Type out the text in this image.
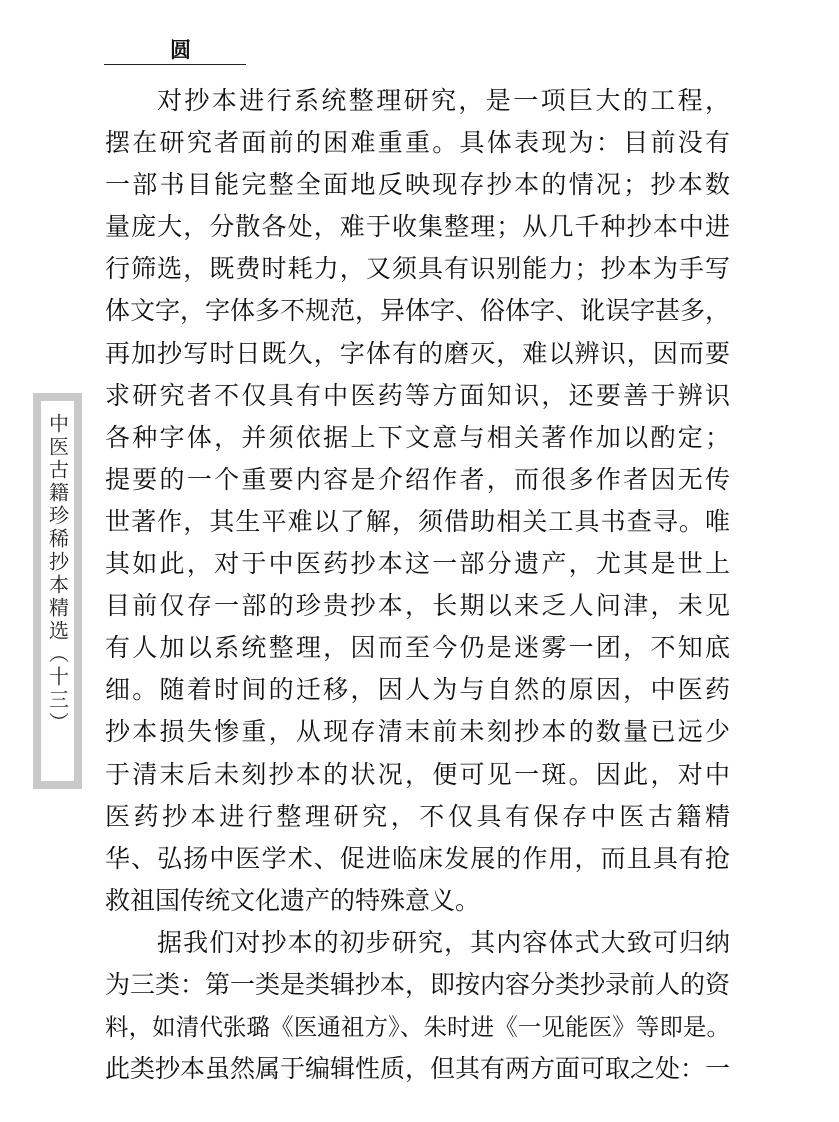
圆
中医古籍珍稀抄本精选（十三）
对抄本进行系统整理研究，是一项巨大的工程，
摆在研究者面前的困难重重。具体表现为：目前没有
一部书目能完整全面地反映现存抄本的情况；抄本数
量庞大，分散各处，难于收集整理；从几千种抄本中进
行筛选，既费时耗力，又须具有识别能力；抄本为手写
体文字，字体多不规范，异体字、俗体字、讹误字甚多，
再加抄写时日既久，字体有的磨灭，难以辨识，因而要
求研究者不仅具有中医药等方面知识，还要善于辨识
各种字体，并须依据上下文意与相关著作加以酌定；
提要的一个重要内容是介绍作者，而很多作者因无传
世著作，其生平难以了解，须借助相关工具书查寻。唯
其如此，对于中医药抄本这一部分遗产，尤其是世上
目前仅存一部的珍贵抄本，长期以来乏人问津，未见
有人加以系统整理，因而至今仍是迷雾一团，不知底
细。随着时间的迁移，因人为与自然的原因，中医药
抄本损失惨重，从现存清末前未刻抄本的数量已远少
于清末后未刻抄本的状况，便可见一斑。因此，对中
医药抄本进行整理研究，不仅具有保存中医古籍精
华、弘扬中医学术、促进临床发展的作用，而且具有抢
救祖国传统文化遗产的特殊意义。
据我们对抄本的初步研究，其内容体式大致可归纳
为三类：第一类是类辑抄本，即按内容分类抄录前人的资
料，如清代张璐《医通祖方》、朱时进《一见能医》等即是。
此类抄本虽然属于编辑性质，但其有两方面可取之处：一
